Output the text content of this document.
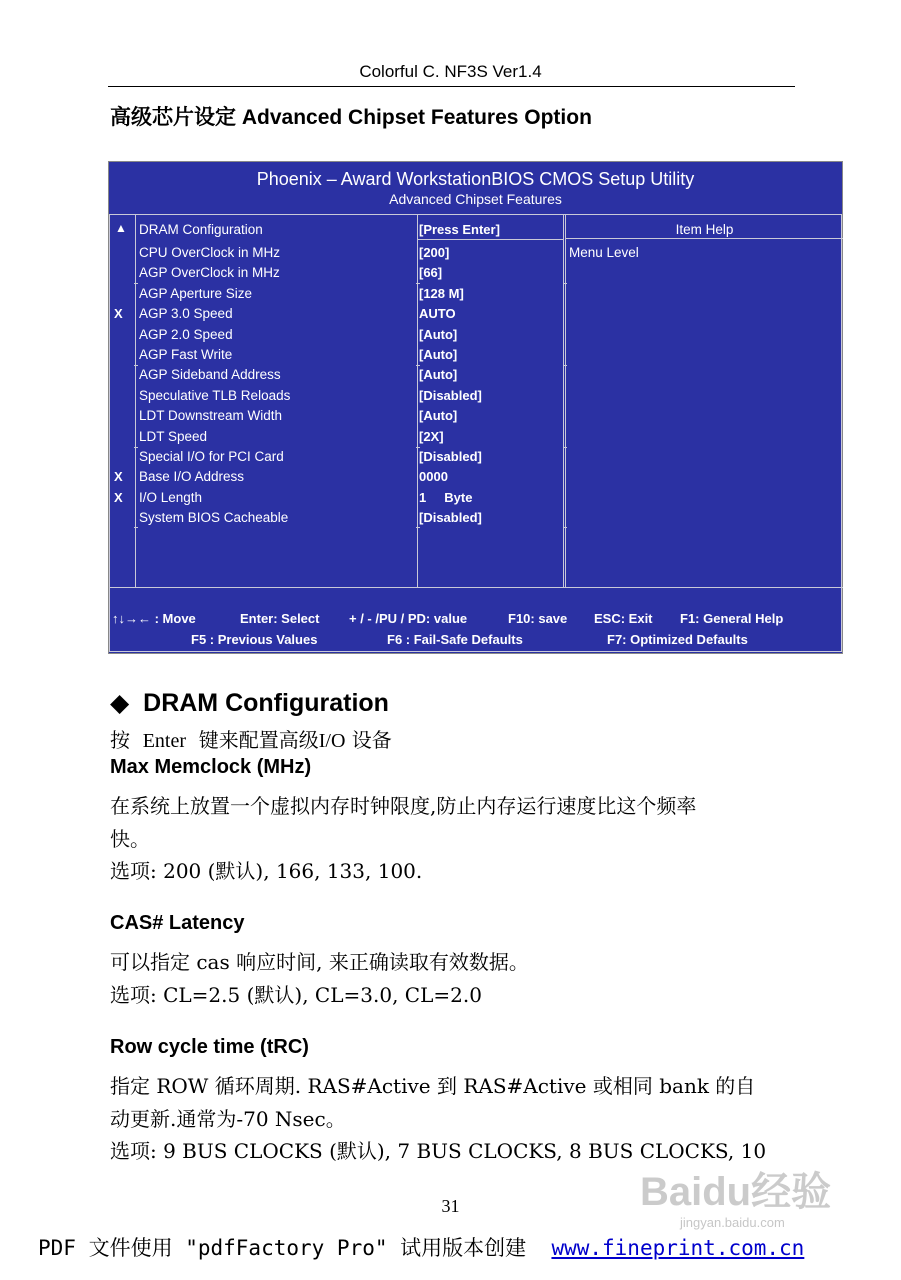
Colorful C. NF3S Ver1.4
高级芯片设定 Advanced Chipset Features Option
Phoenix – Award WorkstationBIOS CMOS Setup Utility
Advanced Chipset Features
▲	Item Help
Menu Level
DRAM Configuration	[Press Enter]
CPU OverClock in MHz	[200]
AGP OverClock in MHz	[66]
AGP Aperture Size	[128 M]
X AGP 3.0 Speed	AUTO
AGP 2.0 Speed	[Auto]
AGP Fast Write	[Auto]
AGP Sideband Address	[Auto]
Speculative TLB Reloads	[Disabled]
LDT Downstream Width	[Auto]
LDT Speed	[2X]
Special I/O for PCI Card	[Disabled]
X Base I/O Address	0000
X I/O Length	1     Byte
System BIOS Cacheable	[Disabled]
↑↓→← : Move	Enter: Select + / - /PU / PD: value	F10: save ESC: Exit F1: General Help
F5 : Previous Values	F6 : Fail-Safe Defaults	F7: Optimized Defaults
◆ DRAM Configuration
按 Enter 键来配置高级I/O 设备
Max Memclock (MHz)
在系统上放置一个虚拟内存时钟限度,防止内存运行速度比这个频率
快。
选项: 200 (默认), 166, 133, 100.
CAS# Latency
可以指定 cas 响应时间, 来正确读取有效数据。
选项: CL=2.5 (默认), CL=3.0, CL=2.0
Row cycle time (tRC)
指定 ROW 循环周期. RAS#Active 到 RAS#Active 或相同 bank 的自
动更新.通常为-70 Nsec。
选项: 9 BUS CLOCKS (默认), 7 BUS CLOCKS, 8 BUS CLOCKS, 10
Baidu经验
jingyan.baidu.com
31
PDF 文件使用 "pdfFactory Pro" 试用版本创建 www.fineprint.com.cn
